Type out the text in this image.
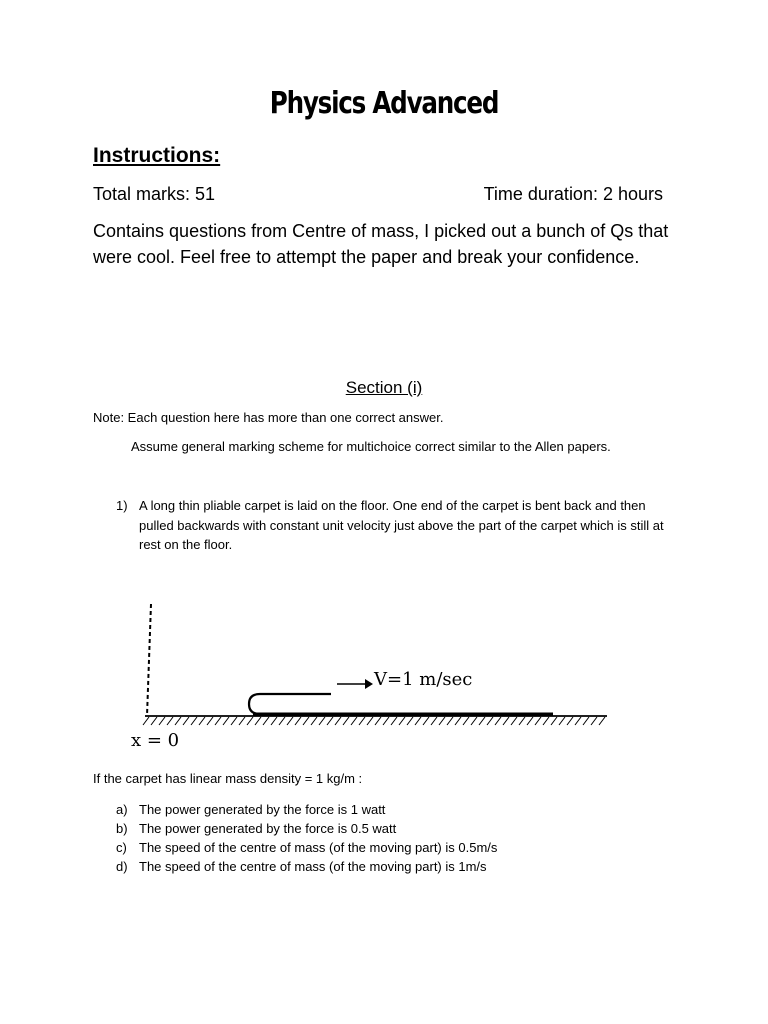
Physics Advanced
Instructions:
Total marks: 51	Time duration: 2 hours
Contains questions from Centre of mass, I picked out a bunch of Qs that were cool. Feel free to attempt the paper and break your confidence.
Section (i)
Note: Each question here has more than one correct answer.
Assume general marking scheme for multichoice correct similar to the Allen papers.
1) A long thin pliable carpet is laid on the floor. One end of the carpet is bent back and then pulled backwards with constant unit velocity just above the part of the carpet which is still at rest on the floor.
V=1 m/sec
x = 0
If the carpet has linear mass density = 1 kg/m :
a) The power generated by the force is 1 watt
b) The power generated by the force is 0.5 watt
c) The speed of the centre of mass (of the moving part) is 0.5m/s
d) The speed of the centre of mass (of the moving part) is 1m/s
